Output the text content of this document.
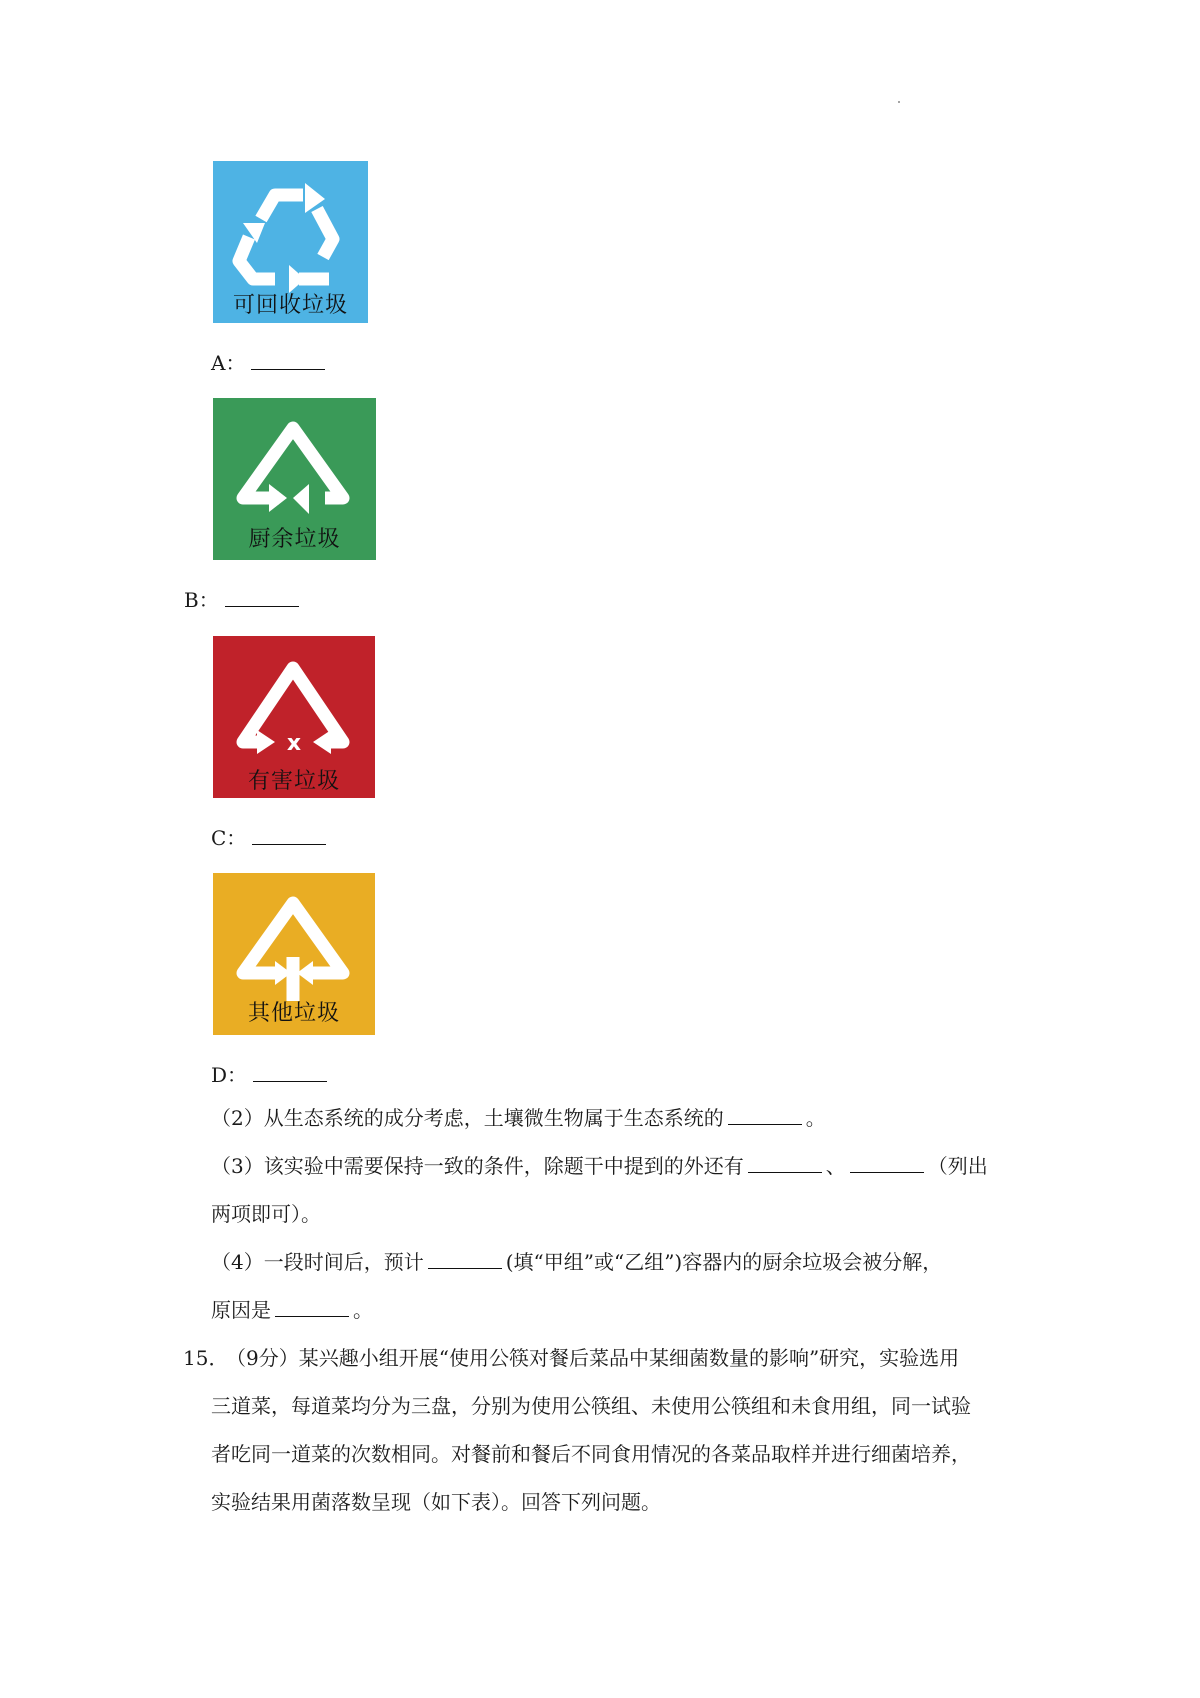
可回收垃圾
A：
厨余垃圾
B：
x
有害垃圾
C：
其他垃圾
D：
（2）从生态系统的成分考虑，土壤微生物属于生态系统的	。
（3）该实验中需要保持一致的条件，除题干中提到的外还有	、	（列出
两项即可）。
（4）一段时间后，预计	(填“甲组”或“乙组”)容器内的厨余垃圾会被分解，
原因是	。
15．
（9分）某兴趣小组开展“使用公筷对餐后菜品中某细菌数量的影响”研究，实验选用
三道菜，每道菜均分为三盘，分别为使用公筷组、未使用公筷组和未食用组，同一试验
者吃同一道菜的次数相同。对餐前和餐后不同食用情况的各菜品取样并进行细菌培养，
实验结果用菌落数呈现（如下表）。回答下列问题。
